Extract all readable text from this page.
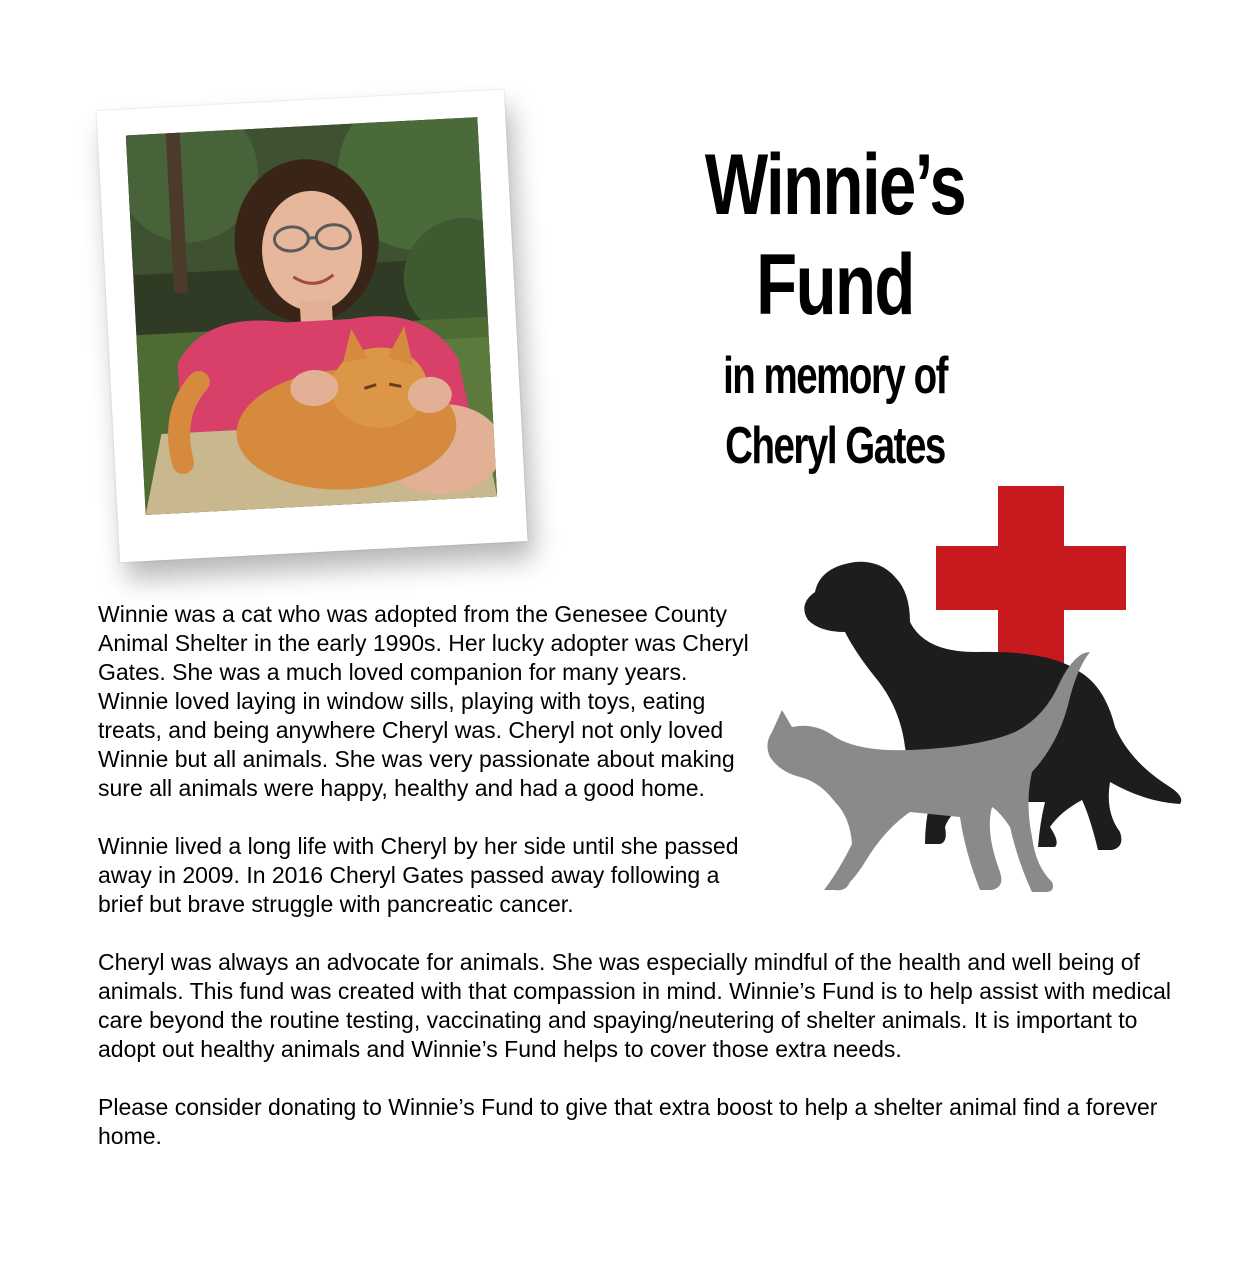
Winnie’s Fund
in memory of
Cheryl Gates

Winnie was a cat who was adopted from the Genesee County Animal Shelter in the early 1990s. Her lucky adopter was Cheryl Gates. She was a much loved companion for many years. Winnie loved laying in window sills, playing with toys, eating treats, and being anywhere Cheryl was. Cheryl not only loved Winnie but all animals. She was very passionate about making sure all animals were happy, healthy and had a good home.

Winnie lived a long life with Cheryl by her side until she passed away in 2009. In 2016 Cheryl Gates passed away following a brief but brave struggle with pancreatic cancer.

Cheryl was always an advocate for animals. She was especially mindful of the health and well being of animals. This fund was created with that compassion in mind. Winnie’s Fund is to help assist with medical care beyond the routine testing, vaccinating and spaying/neutering of shelter animals. It is important to adopt out healthy animals and Winnie’s Fund helps to cover those extra needs.

Please consider donating to Winnie’s Fund to give that extra boost to help a shelter animal find a forever home.
